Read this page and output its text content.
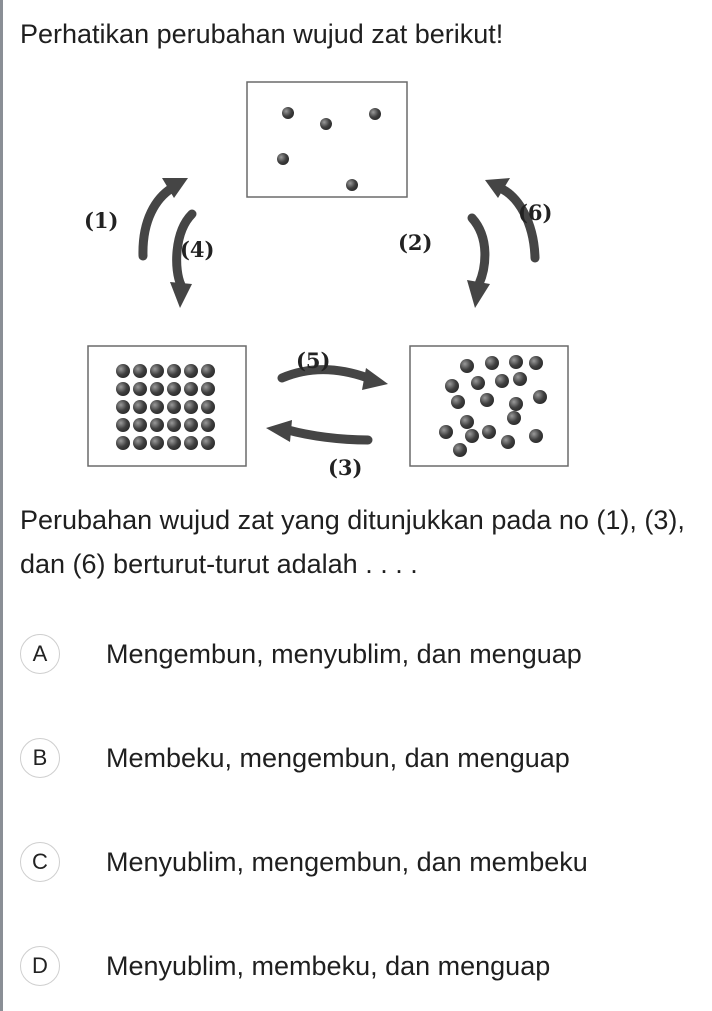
Perhatikan perubahan wujud zat berikut!
(1)
(4)	(2)
(6)
(5)
(3)

Perubahan wujud zat yang ditunjukkan pada no (1), (3), dan (6) berturut-turut adalah . . . .

A	Mengembun, menyublim, dan menguap
B	Membeku, mengembun, dan menguap
C	Menyublim, mengembun, dan membeku
D	Menyublim, membeku, dan menguap
